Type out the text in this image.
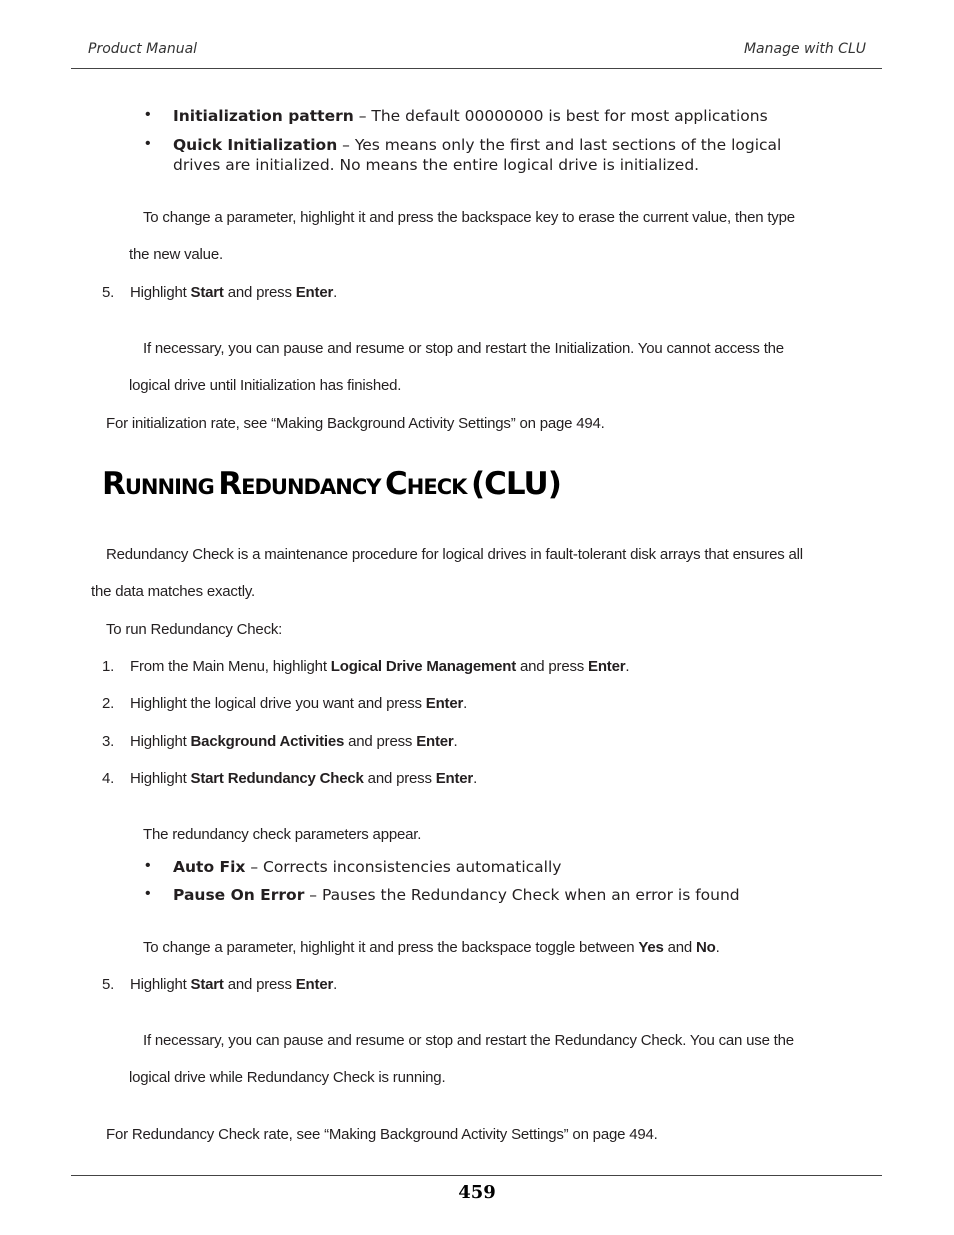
Product Manual	Manage with CLU
• Initialization pattern – The default 00000000 is best for most applications
• Quick Initialization – Yes means only the first and last sections of the logical
drives are initialized. No means the entire logical drive is initialized.
To change a parameter, highlight it and press the backspace key to erase the current value, then type
the new value.
5. Highlight Start and press Enter.
If necessary, you can pause and resume or stop and restart the Initialization. You cannot access the
logical drive until Initialization has finished.
For initialization rate, see “Making Background Activity Settings” on page 494.
RUNNING REDUNDANCY CHECK (CLU)
Redundancy Check is a maintenance procedure for logical drives in fault-tolerant disk arrays that ensures all
the data matches exactly.
To run Redundancy Check:
1. From the Main Menu, highlight Logical Drive Management and press Enter.
2. Highlight the logical drive you want and press Enter.
3. Highlight Background Activities and press Enter.
4. Highlight Start Redundancy Check and press Enter.
The redundancy check parameters appear.
• Auto Fix – Corrects inconsistencies automatically
• Pause On Error – Pauses the Redundancy Check when an error is found
To change a parameter, highlight it and press the backspace toggle between Yes and No.
5. Highlight Start and press Enter.
If necessary, you can pause and resume or stop and restart the Redundancy Check. You can use the
logical drive while Redundancy Check is running.
For Redundancy Check rate, see “Making Background Activity Settings” on page 494.
459
